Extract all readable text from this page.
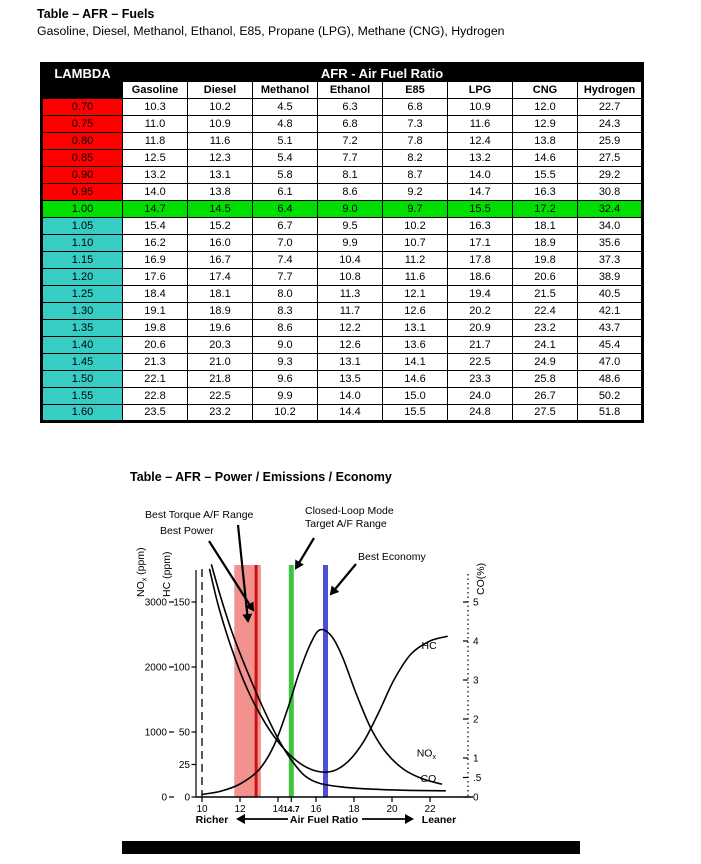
Table – AFR – Fuels
Gasoline, Diesel, Methanol, Ethanol, E85, Propane (LPG), Methane (CNG), Hydrogen
LAMBDA	AFR - Air Fuel Ratio							
	Gasoline	Diesel	Methanol	Ethanol	E85	LPG	CNG	Hydrogen
0.70	10.3	10.2	4.5	6.3	6.8	10.9	12.0	22.7
0.75	11.0	10.9	4.8	6.8	7.3	11.6	12.9	24.3
0.80	11.8	11.6	5.1	7.2	7.8	12.4	13.8	25.9
0.85	12.5	12.3	5.4	7.7	8.2	13.2	14.6	27.5
0.90	13.2	13.1	5.8	8.1	8.7	14.0	15.5	29.2
0.95	14.0	13.8	6.1	8.6	9.2	14.7	16.3	30.8
1.00	14.7	14.5	6.4	9.0	9.7	15.5	17.2	32.4
1.05	15.4	15.2	6.7	9.5	10.2	16.3	18.1	34.0
1.10	16.2	16.0	7.0	9.9	10.7	17.1	18.9	35.6
1.15	16.9	16.7	7.4	10.4	11.2	17.8	19.8	37.3
1.20	17.6	17.4	7.7	10.8	11.6	18.6	20.6	38.9
1.25	18.4	18.1	8.0	11.3	12.1	19.4	21.5	40.5
1.30	19.1	18.9	8.3	11.7	12.6	20.2	22.4	42.1
1.35	19.8	19.6	8.6	12.2	13.1	20.9	23.2	43.7
1.40	20.6	20.3	9.0	12.6	13.6	21.7	24.1	45.4
1.45	21.3	21.0	9.3	13.1	14.1	22.5	24.9	47.0
1.50	22.1	21.8	9.6	13.5	14.6	23.3	25.8	48.6
1.55	22.8	22.5	9.9	14.0	15.0	24.0	26.7	50.2
1.60	23.5	23.2	10.2	14.4	15.5	24.8	27.5	51.8
Table – AFR – Power / Emissions / Economy
3000
2000
1000
0
150
100
50
25
0
5
4
3
2
1
.5
0
$NO_x$ (ppm) HC (ppm)	CO(%)
10	12	14 14.7 16	18	20	22
Richer	Air Fuel Ratio	Leaner
HC
$NO_x$
CO
Best Torque A/F Range
Best Power
Closed-Loop Mode
Target A/F Range
Best Economy
